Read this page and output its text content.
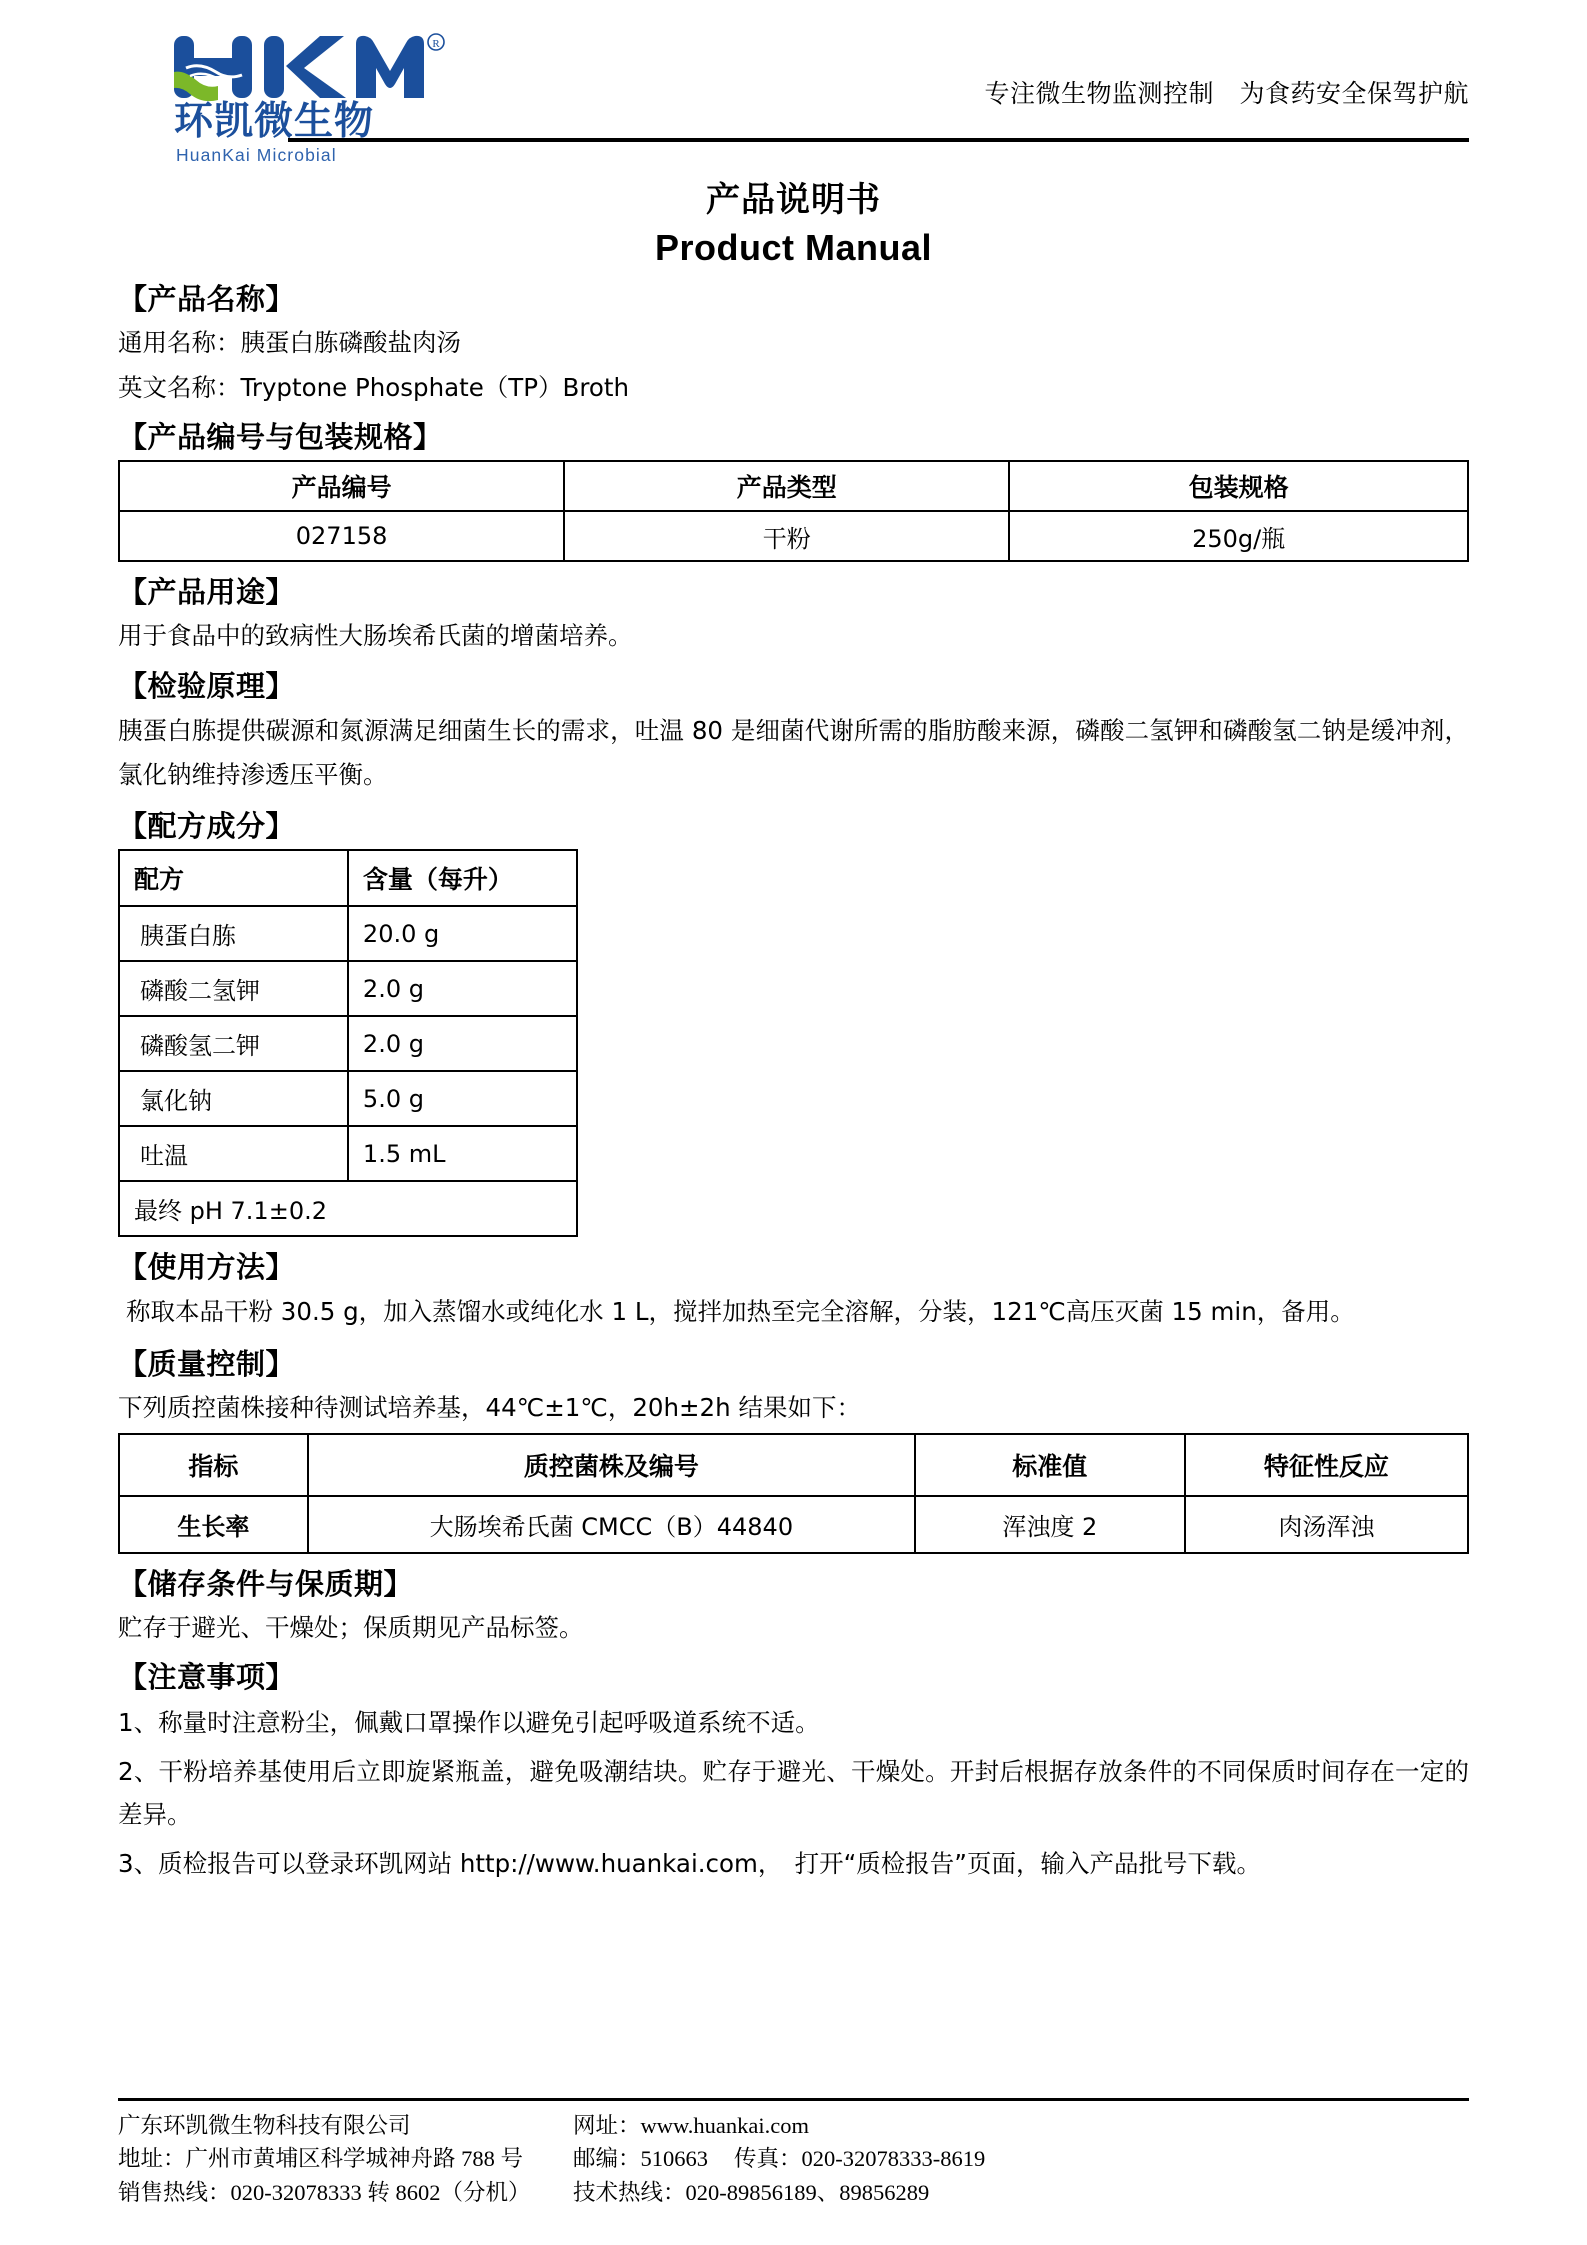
R
环凯微生物
HuanKai Microbial
专注微生物监测控制　为食药安全保驾护航
产品说明书
Product Manual
【产品名称】
通用名称：胰蛋白胨磷酸盐肉汤
英文名称：Tryptone Phosphate（TP）Broth
【产品编号与包装规格】
产品编号	产品类型	包装规格
027158	干粉	250g/瓶
【产品用途】
用于食品中的致病性大肠埃希氏菌的增菌培养。
【检验原理】
胰蛋白胨提供碳源和氮源满足细菌生长的需求，吐温 80 是细菌代谢所需的脂肪酸来源，磷酸二氢钾和磷酸氢二钠是缓冲剂，氯化钠维持渗透压平衡。
【配方成分】
配方	含量（每升）
胰蛋白胨	20.0 g
磷酸二氢钾	2.0 g
磷酸氢二钾	2.0 g
氯化钠	5.0 g
吐温	1.5 mL
最终 pH 7.1±0.2	
【使用方法】
称取本品干粉 30.5 g，加入蒸馏水或纯化水 1 L，搅拌加热至完全溶解，分装，121℃高压灭菌 15 min，备用。
【质量控制】
下列质控菌株接种待测试培养基，44℃±1℃，20h±2h 结果如下：
指标	质控菌株及编号	标准值	特征性反应
生长率	大肠埃希氏菌 CMCC（B）44840	浑浊度 2	肉汤浑浊
【储存条件与保质期】
贮存于避光、干燥处；保质期见产品标签。
【注意事项】
1、称量时注意粉尘，佩戴口罩操作以避免引起呼吸道系统不适。
2、干粉培养基使用后立即旋紧瓶盖，避免吸潮结块。贮存于避光、干燥处。开封后根据存放条件的不同保质时间存在一定的差异。
3、质检报告可以登录环凯网站 http://www.huankai.com，　打开“质检报告”页面，输入产品批号下载。
广东环凯微生物科技有限公司
地址：广州市黄埔区科学城神舟路 788 号
销售热线：020-32078333 转 8602（分机）
网址：www.huankai.com
邮编：510663 传真：020-32078333-8619
技术热线：020-89856189、89856289
